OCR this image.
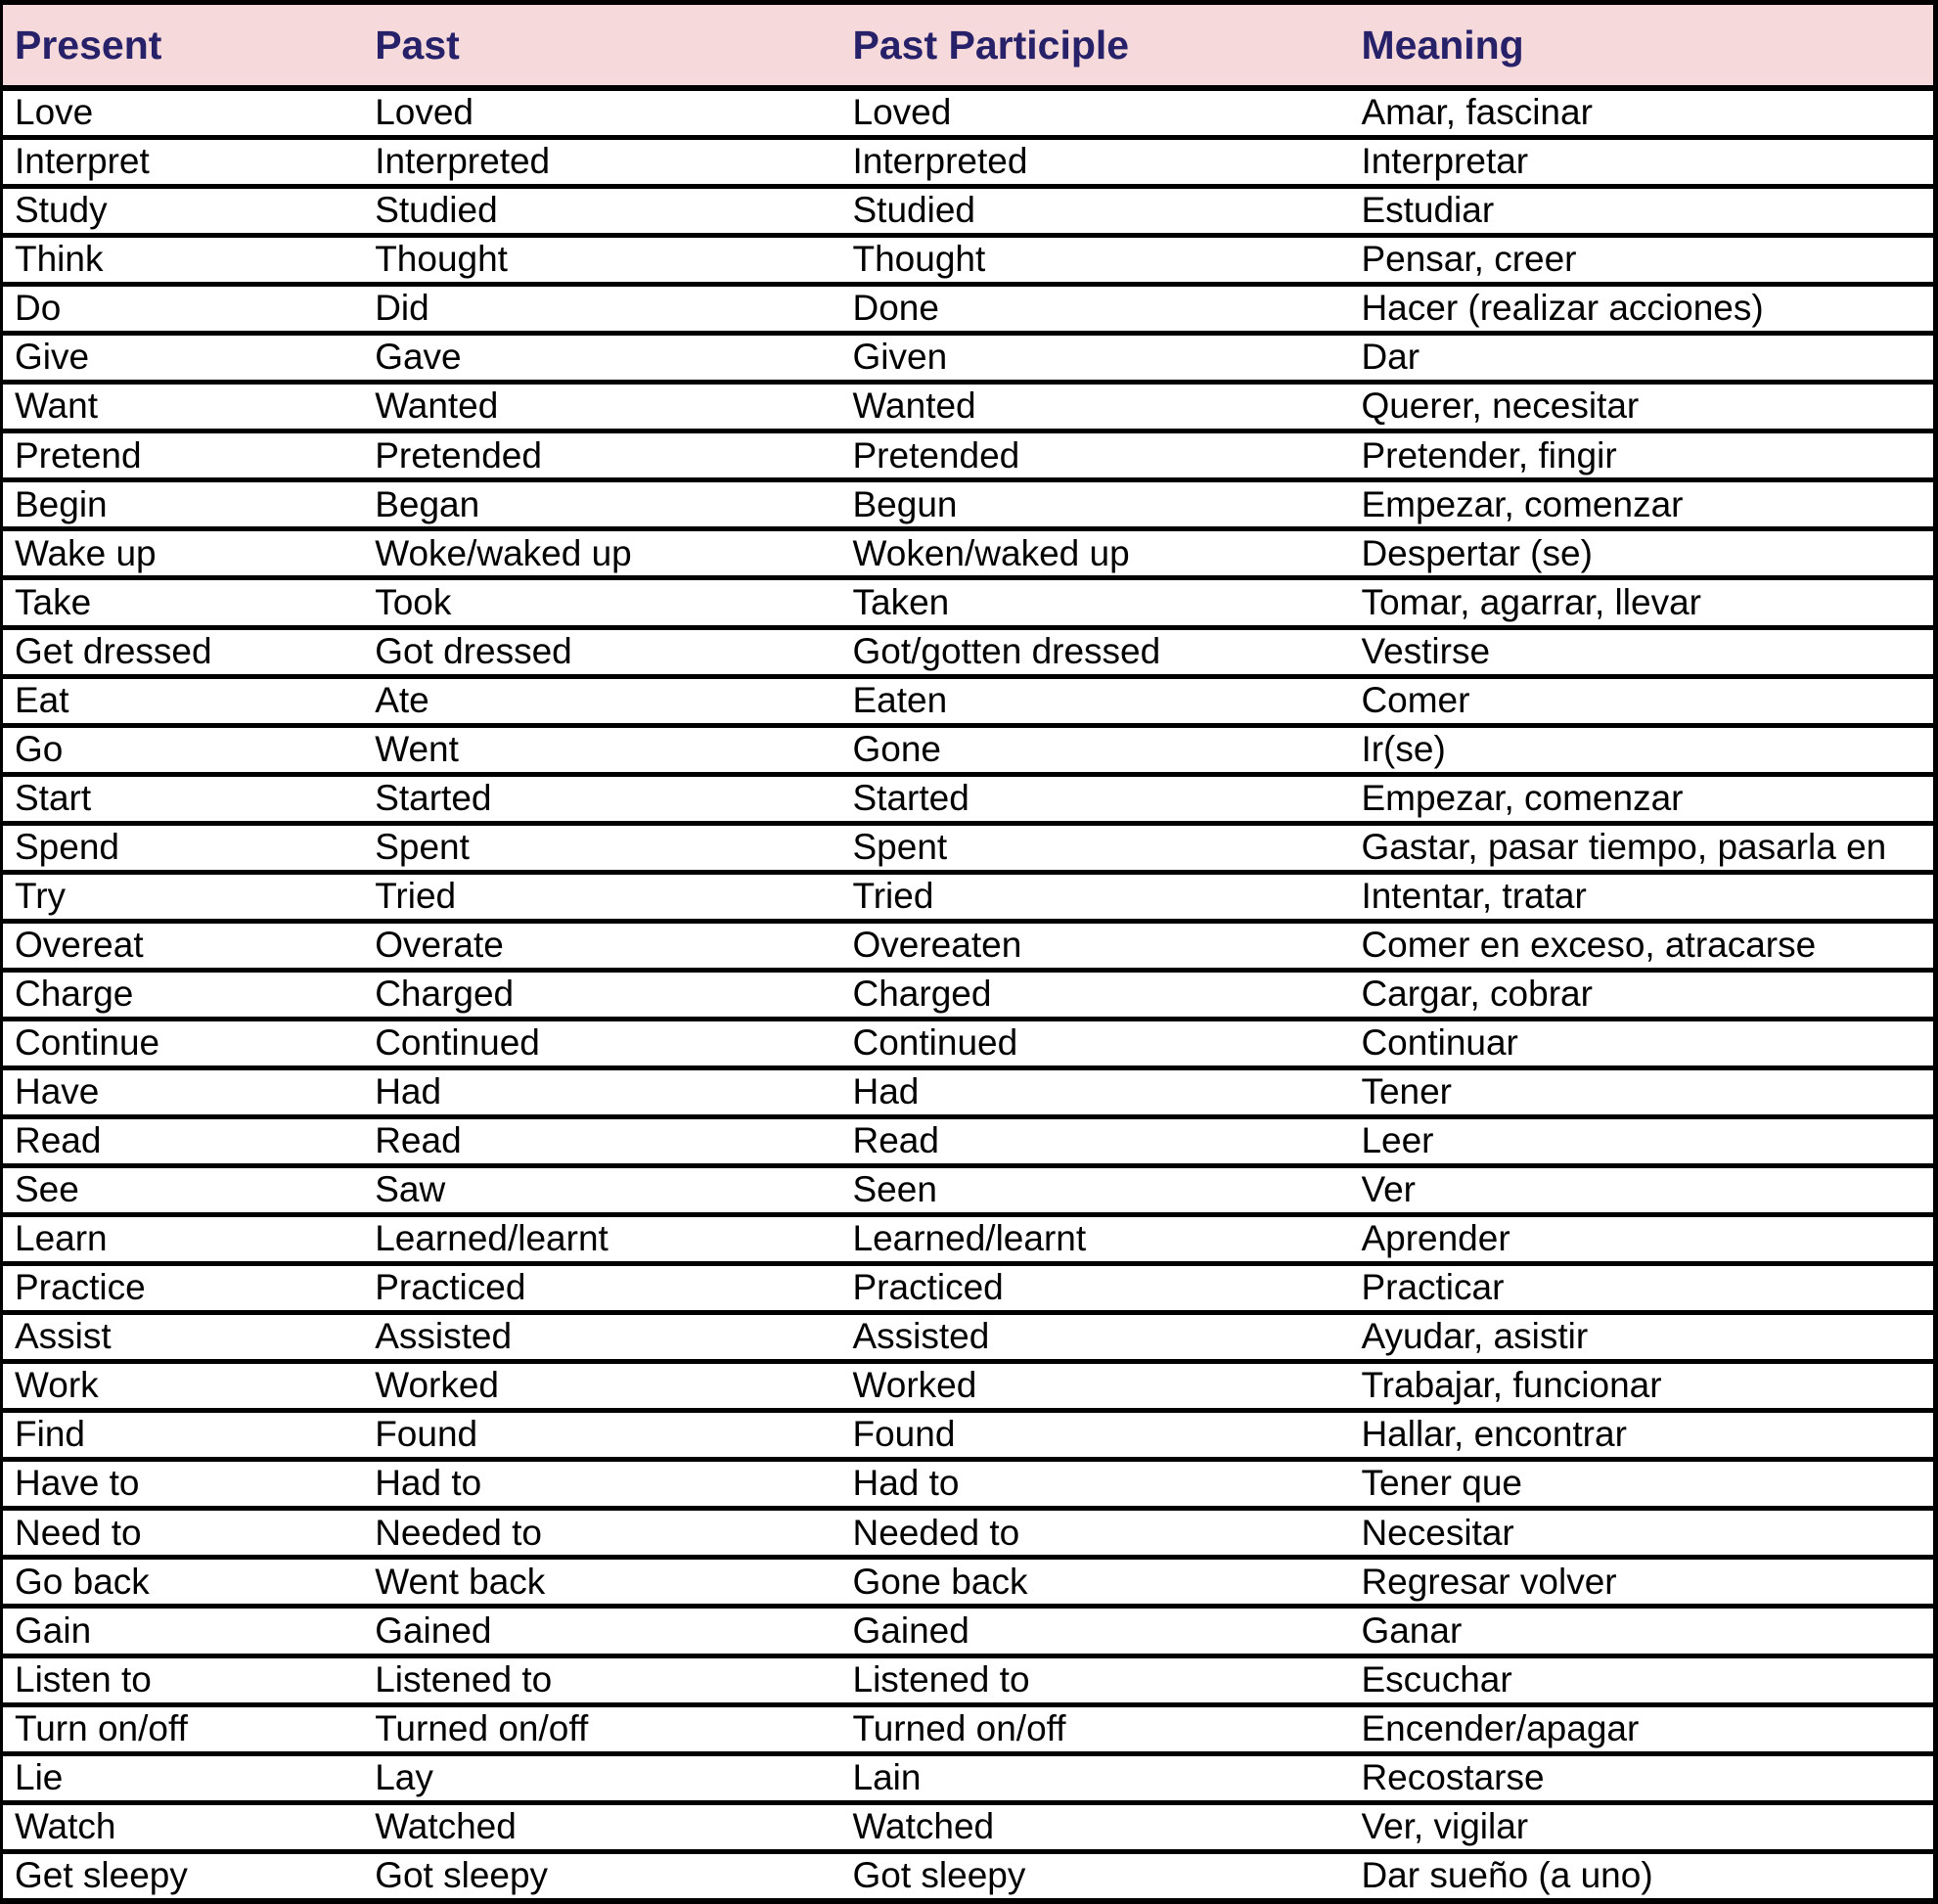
Present	Past	Past Participle	Meaning
Love	Loved	Loved	Amar, fascinar
Interpret	Interpreted	Interpreted	Interpretar
Study	Studied	Studied	Estudiar
Think	Thought	Thought	Pensar, creer
Do	Did	Done	Hacer (realizar acciones)
Give	Gave	Given	Dar
Want	Wanted	Wanted	Querer, necesitar
Pretend	Pretended	Pretended	Pretender, fingir
Begin	Began	Begun	Empezar, comenzar
Wake up	Woke/waked up	Woken/waked up	Despertar (se)
Take	Took	Taken	Tomar, agarrar, llevar
Get dressed	Got dressed	Got/gotten dressed	Vestirse
Eat	Ate	Eaten	Comer
Go	Went	Gone	Ir(se)
Start	Started	Started	Empezar, comenzar
Spend	Spent	Spent	Gastar, pasar tiempo, pasarla en
Try	Tried	Tried	Intentar, tratar
Overeat	Overate	Overeaten	Comer en exceso, atracarse
Charge	Charged	Charged	Cargar, cobrar
Continue	Continued	Continued	Continuar
Have	Had	Had	Tener
Read	Read	Read	Leer
See	Saw	Seen	Ver
Learn	Learned/learnt	Learned/learnt	Aprender
Practice	Practiced	Practiced	Practicar
Assist	Assisted	Assisted	Ayudar, asistir
Work	Worked	Worked	Trabajar, funcionar
Find	Found	Found	Hallar, encontrar
Have to	Had to	Had to	Tener que
Need to	Needed to	Needed to	Necesitar
Go back	Went back	Gone back	Regresar volver
Gain	Gained	Gained	Ganar
Listen to	Listened to	Listened to	Escuchar
Turn on/off	Turned on/off	Turned on/off	Encender/apagar
Lie	Lay	Lain	Recostarse
Watch	Watched	Watched	Ver, vigilar
Get sleepy	Got sleepy	Got sleepy	Dar sueño (a uno)
